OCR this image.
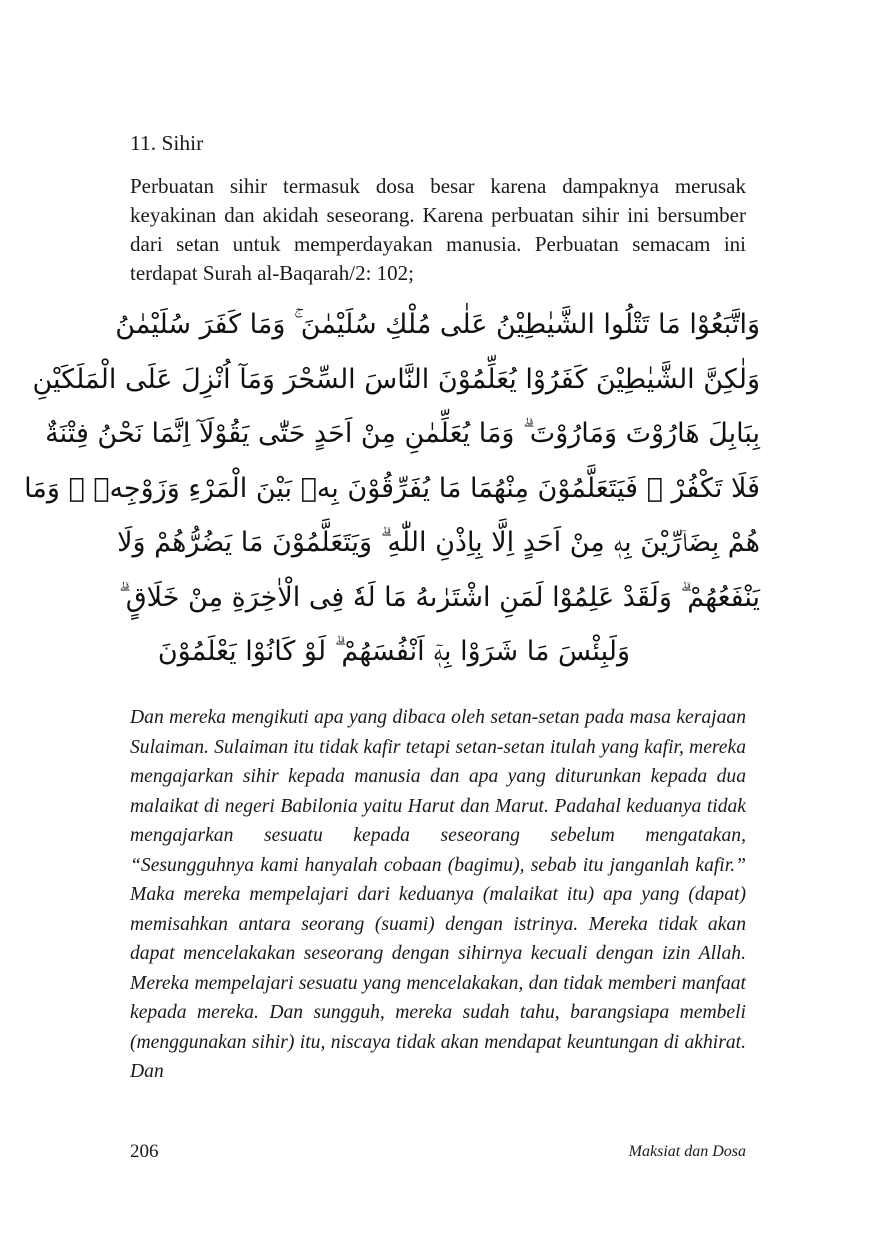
11. Sihir

Perbuatan sihir termasuk dosa besar karena dampaknya merusak keyakinan dan akidah seseorang. Karena perbuatan sihir ini bersumber dari setan untuk memperdayakan manusia. Perbuatan semacam ini terdapat Surah al-Baqarah/2: 102;

وَاتَّبَعُوْا مَا تَتْلُوا الشَّيٰطِيْنُ عَلٰى مُلْكِ سُلَيْمٰنَ ۚ وَمَا كَفَرَ سُلَيْمٰنُ
وَلٰكِنَّ الشَّيٰطِيْنَ كَفَرُوْا يُعَلِّمُوْنَ النَّاسَ السِّحْرَ وَمَآ اُنْزِلَ عَلَى الْمَلَكَيْنِ
بِبَابِلَ هَارُوْتَ وَمَارُوْتَ ۗ وَمَا يُعَلِّمٰنِ مِنْ اَحَدٍ حَتّٰى يَقُوْلَآ اِنَّمَا نَحْنُ فِتْنَةٌ
فَلَا تَكْفُرْ ۗ فَيَتَعَلَّمُوْنَ مِنْهُمَا مَا يُفَرِّقُوْنَ بِهٖ بَيْنَ الْمَرْءِ وَزَوْجِهٖ ۗ وَمَا
هُمْ بِضَاۤرِّيْنَ بِهٖ مِنْ اَحَدٍ اِلَّا بِاِذْنِ اللّٰهِ ۗ وَيَتَعَلَّمُوْنَ مَا يَضُرُّهُمْ وَلَا
يَنْفَعُهُمْ ۗ وَلَقَدْ عَلِمُوْا لَمَنِ اشْتَرٰىهُ مَا لَهٗ فِى الْاٰخِرَةِ مِنْ خَلَاقٍ ۗ
وَلَبِئْسَ مَا شَرَوْا بِهٖٓ اَنْفُسَهُمْ ۗ لَوْ كَانُوْا يَعْلَمُوْنَ

Dan mereka mengikuti apa yang dibaca oleh setan-setan pada masa kerajaan Sulaiman. Sulaiman itu tidak kafir tetapi setan-setan itulah yang kafir, mereka mengajarkan sihir kepada manusia dan apa yang diturunkan kepada dua malaikat di negeri Babilonia yaitu Harut dan Marut. Padahal keduanya tidak mengajarkan sesuatu kepada seseorang sebelum mengatakan, “Sesungguhnya kami hanyalah cobaan (bagimu), sebab itu janganlah kafir.” Maka mereka mempelajari dari keduanya (malaikat itu) apa yang (dapat) memisahkan antara seorang (suami) dengan istrinya. Mereka tidak akan dapat mencelakakan seseorang dengan sihirnya kecuali dengan izin Allah. Mereka mempelajari sesuatu yang mencelakakan, dan tidak memberi manfaat kepada mereka. Dan sungguh, mereka sudah tahu, barangsiapa membeli (menggunakan sihir) itu, niscaya tidak akan mendapat keuntungan di akhirat. Dan

206	Maksiat dan Dosa
